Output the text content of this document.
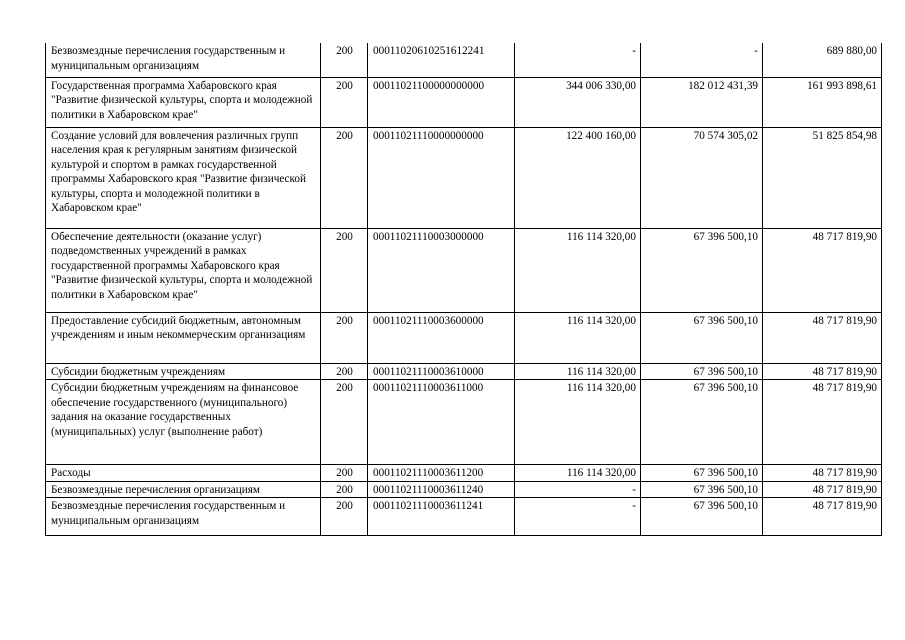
Безвозмездные перечисления государственным и муниципальным организациям	200	00011020610251612241	-	-	689 880,00
Государственная программа Хабаровского края "Развитие физической культуры, спорта и молодежной политики в Хабаровском крае"	200	00011021100000000000	344 006 330,00	182 012 431,39	161 993 898,61
Создание условий для вовлечения различных групп населения края к регулярным занятиям физической культурой и спортом в рамках государственной программы Хабаровского края "Развитие физической культуры, спорта и молодежной политики в Хабаровском крае"	200	00011021110000000000	122 400 160,00	70 574 305,02	51 825 854,98
Обеспечение деятельности (оказание услуг) подведомственных учреждений в рамках государственной программы Хабаровского края "Развитие физической культуры, спорта и молодежной политики в Хабаровском крае"	200	00011021110003000000	116 114 320,00	67 396 500,10	48 717 819,90
Предоставление субсидий бюджетным, автономным учреждениям и иным некоммерческим организациям	200	00011021110003600000	116 114 320,00	67 396 500,10	48 717 819,90
Субсидии бюджетным учреждениям	200	00011021110003610000	116 114 320,00	67 396 500,10	48 717 819,90
Субсидии бюджетным учреждениям на финансовое обеспечение государственного (муниципального) задания на оказание государственных (муниципальных) услуг (выполнение работ)	200	00011021110003611000	116 114 320,00	67 396 500,10	48 717 819,90
Расходы	200	00011021110003611200	116 114 320,00	67 396 500,10	48 717 819,90
Безвозмездные перечисления организациям	200	00011021110003611240	-	67 396 500,10	48 717 819,90
Безвозмездные перечисления государственным и муниципальным организациям	200	00011021110003611241	-	67 396 500,10	48 717 819,90
